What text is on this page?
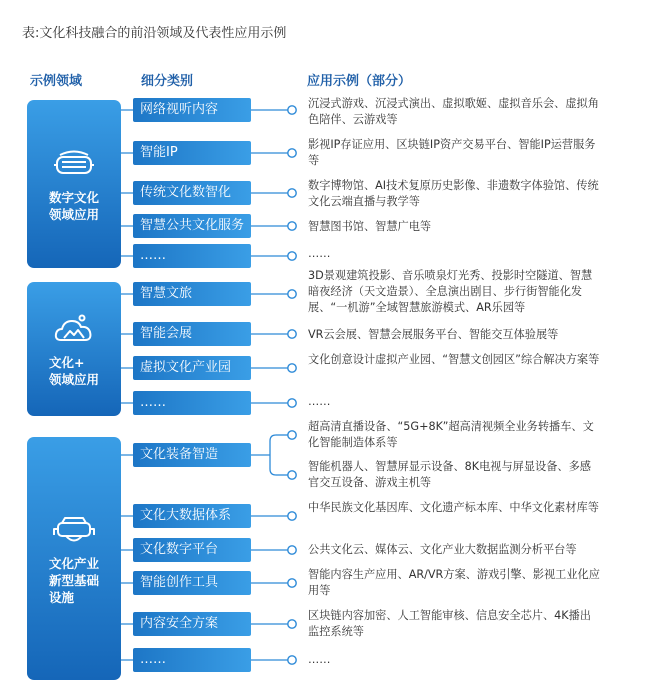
表:文化科技融合的前沿领域及代表性应用示例
示例领域	细分类别	应用示例（部分）
数字文化
领域应用
网络视听内容
智能IP
传统文化数智化
智慧公共文化服务
……
沉浸式游戏、沉浸式演出、虚拟歌姬、虚拟音乐会、虚拟角色陪伴、云游戏等
影视IP存证应用、区块链IP资产交易平台、智能IP运营服务等
数字博物馆、AI技术复原历史影像、非遗数字体验馆、传统文化云端直播与教学等
智慧图书馆、智慧广电等
……
文化+
领域应用
智慧文旅
智能会展
虚拟文化产业园
……
3D景观建筑投影、音乐喷泉灯光秀、投影时空隧道、智慧暗夜经济（天文造景）、全息演出剧目、步行街智能化发展、“一机游”全域智慧旅游模式、AR乐园等
VR云会展、智慧会展服务平台、智能交互体验展等
文化创意设计虚拟产业园、“智慧文创园区”综合解决方案等
……
文化产业
新型基础
设施
文化装备智造
文化大数据体系
文化数字平台
智能创作工具
内容安全方案
……
超高清直播设备、“5G+8K”超高清视频全业务转播车、文化智能制造体系等
智能机器人、智慧屏显示设备、8K电视与屏显设备、多感官交互设备、游戏主机等
中华民族文化基因库、文化遗产标本库、中华文化素材库等
公共文化云、媒体云、文化产业大数据监测分析平台等
智能内容生产应用、AR/VR方案、游戏引擎、影视工业化应用等
区块链内容加密、人工智能审核、信息安全芯片、4K播出监控系统等
……
